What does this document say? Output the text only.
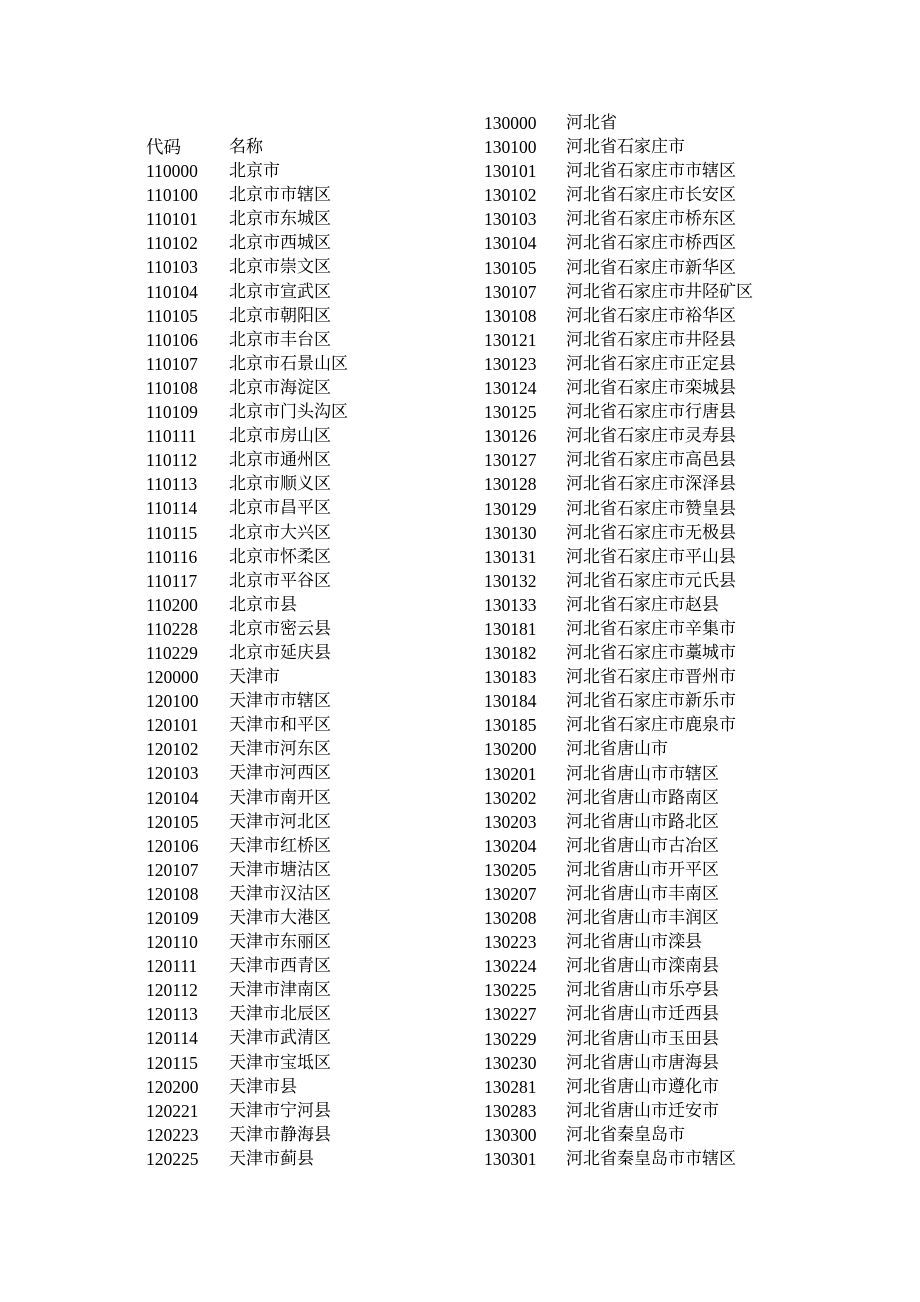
代码	名称
110000	北京市
110100	北京市市辖区
110101	北京市东城区
110102	北京市西城区
110103	北京市崇文区
110104	北京市宣武区
110105	北京市朝阳区
110106	北京市丰台区
110107	北京市石景山区
110108	北京市海淀区
110109	北京市门头沟区
110111	北京市房山区
110112	北京市通州区
110113	北京市顺义区
110114	北京市昌平区
110115	北京市大兴区
110116	北京市怀柔区
110117	北京市平谷区
110200	北京市县
110228	北京市密云县
110229	北京市延庆县
120000	天津市
120100	天津市市辖区
120101	天津市和平区
120102	天津市河东区
120103	天津市河西区
120104	天津市南开区
120105	天津市河北区
120106	天津市红桥区
120107	天津市塘沽区
120108	天津市汉沽区
120109	天津市大港区
120110	天津市东丽区
120111	天津市西青区
120112	天津市津南区
120113	天津市北辰区
120114	天津市武清区
120115	天津市宝坻区
120200	天津市县
120221	天津市宁河县
120223	天津市静海县
120225	天津市蓟县
130000	河北省
130100	河北省石家庄市
130101	河北省石家庄市市辖区
130102	河北省石家庄市长安区
130103	河北省石家庄市桥东区
130104	河北省石家庄市桥西区
130105	河北省石家庄市新华区
130107	河北省石家庄市井陉矿区
130108	河北省石家庄市裕华区
130121	河北省石家庄市井陉县
130123	河北省石家庄市正定县
130124	河北省石家庄市栾城县
130125	河北省石家庄市行唐县
130126	河北省石家庄市灵寿县
130127	河北省石家庄市高邑县
130128	河北省石家庄市深泽县
130129	河北省石家庄市赞皇县
130130	河北省石家庄市无极县
130131	河北省石家庄市平山县
130132	河北省石家庄市元氏县
130133	河北省石家庄市赵县
130181	河北省石家庄市辛集市
130182	河北省石家庄市藁城市
130183	河北省石家庄市晋州市
130184	河北省石家庄市新乐市
130185	河北省石家庄市鹿泉市
130200	河北省唐山市
130201	河北省唐山市市辖区
130202	河北省唐山市路南区
130203	河北省唐山市路北区
130204	河北省唐山市古冶区
130205	河北省唐山市开平区
130207	河北省唐山市丰南区
130208	河北省唐山市丰润区
130223	河北省唐山市滦县
130224	河北省唐山市滦南县
130225	河北省唐山市乐亭县
130227	河北省唐山市迁西县
130229	河北省唐山市玉田县
130230	河北省唐山市唐海县
130281	河北省唐山市遵化市
130283	河北省唐山市迁安市
130300	河北省秦皇岛市
130301	河北省秦皇岛市市辖区
